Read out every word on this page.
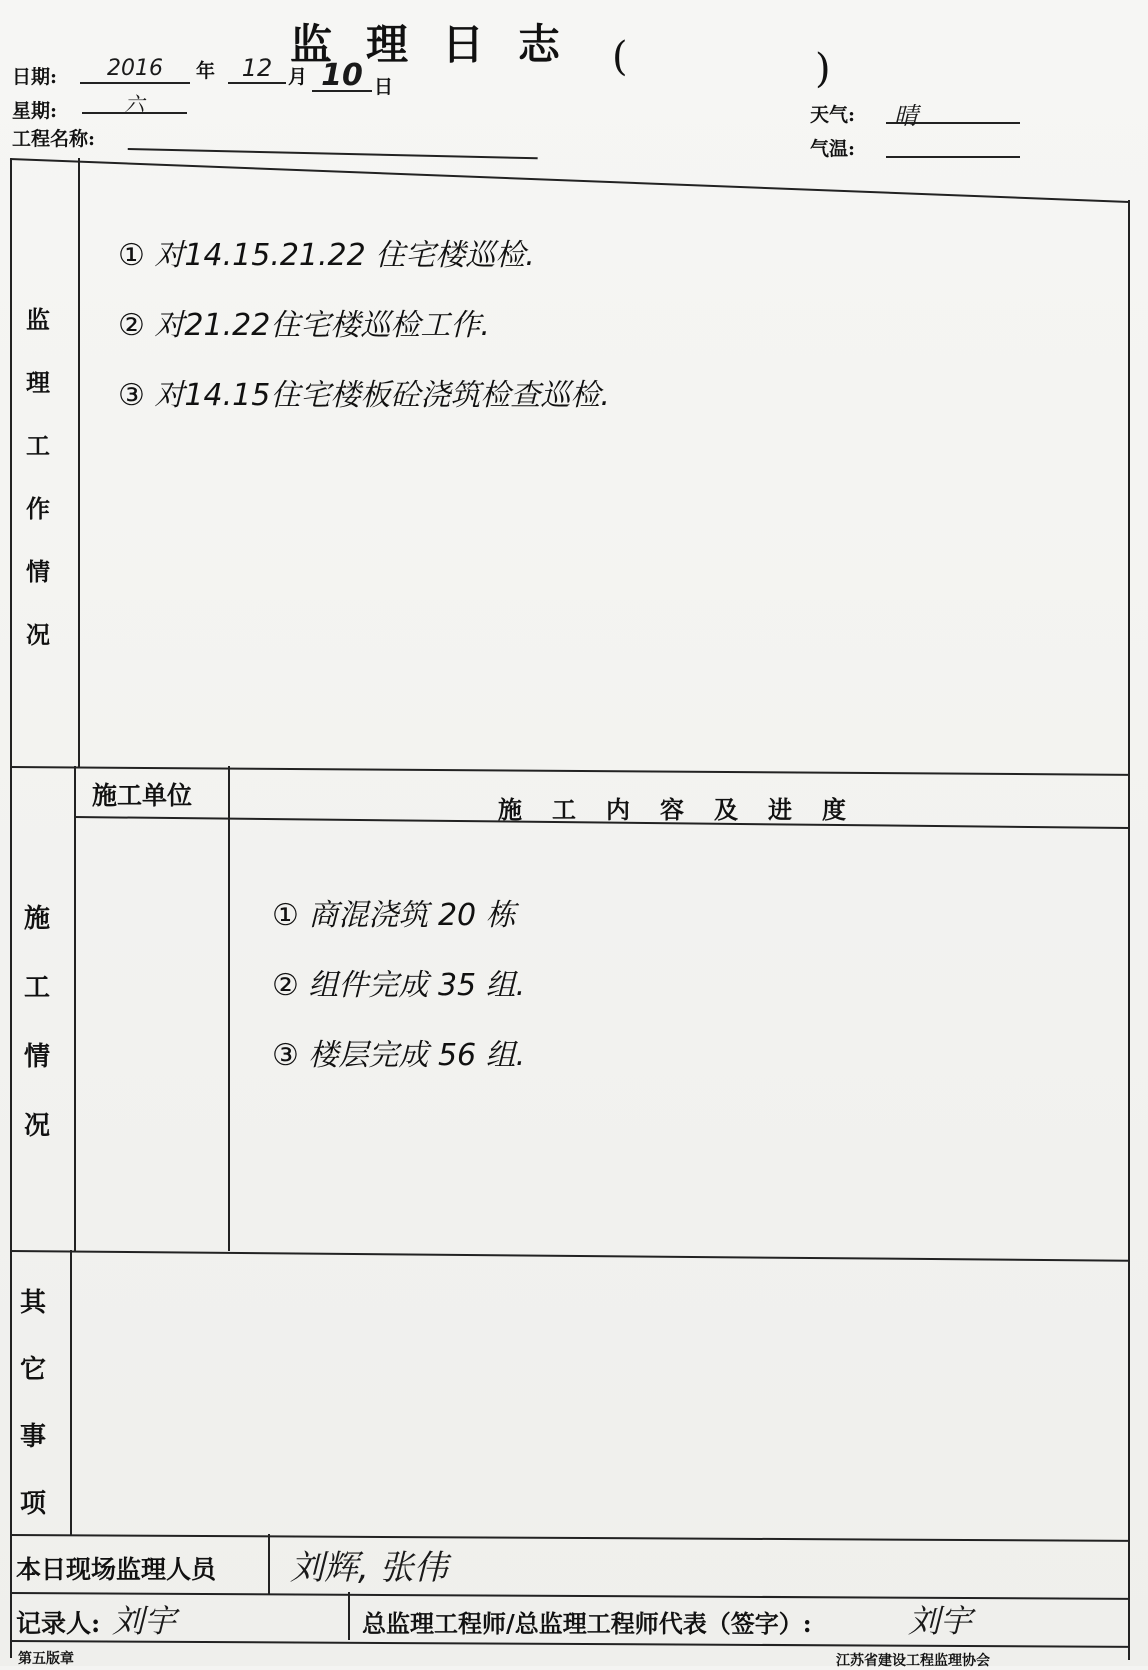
监 理 日 志 (	)
日期:	2016	年	12 月 10 日
星期:	六
工程名称:
天气:	晴
气温:
监
理
工
作
情
况
① 对14.15.21.22 住宅楼巡检.
② 对21.22住宅楼巡检工作.
③ 对14.15住宅楼板砼浇筑检查巡检.
施工单位	施 工 内 容 及 进 度
施
工
情
况
① 商混浇筑 20 栋
② 组件完成 35 组.
③ 楼层完成 56 组.
其
它
事
项
本日现场监理人员 刘辉, 张伟
记录人: 刘宇	总监理工程师/总监理工程师代表（签字）:	刘宇
第五版章	江苏省建设工程监理协会
